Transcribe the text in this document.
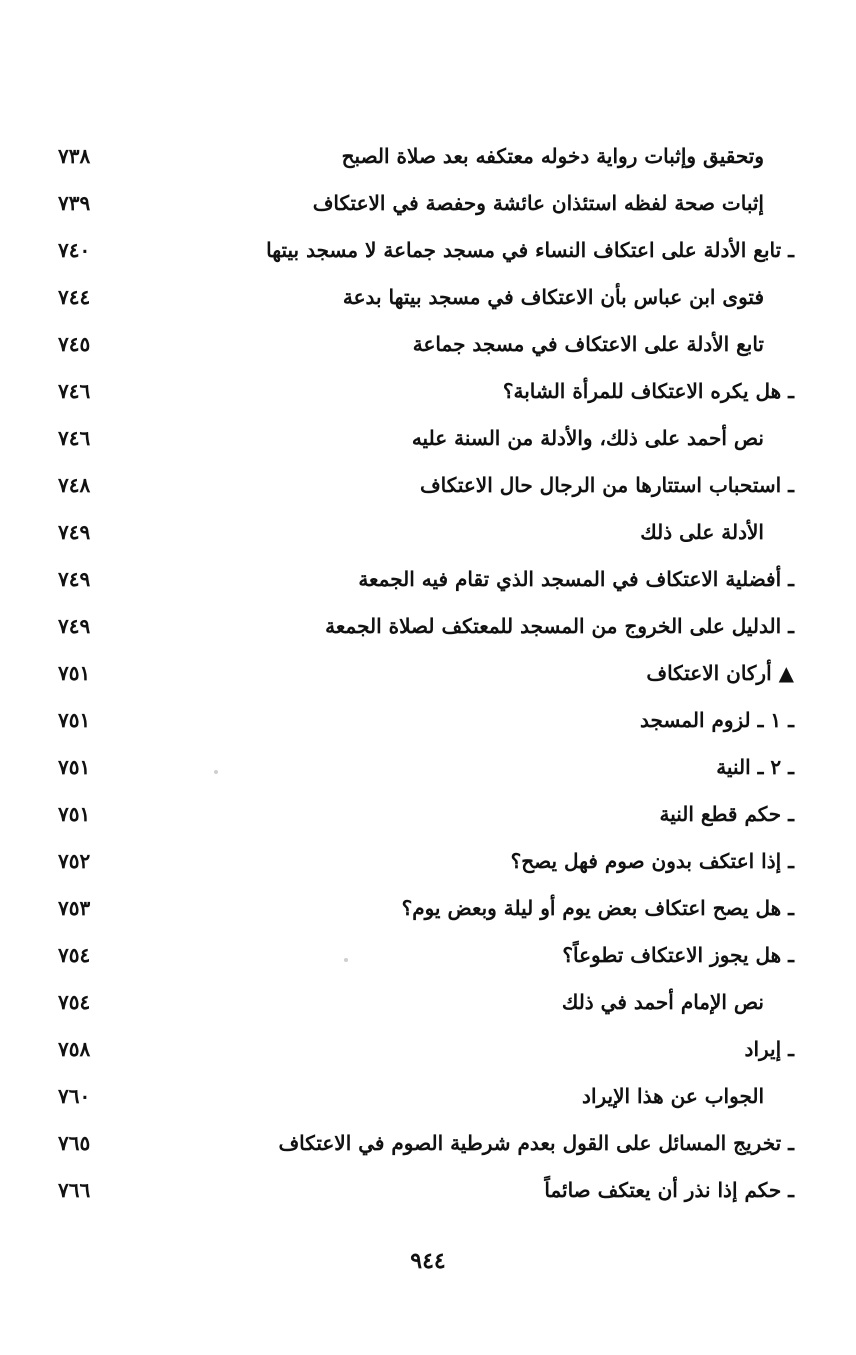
وتحقيق وإثبات رواية دخوله معتكفه بعد صلاة الصبح
٧٣٨
إثبات صحة لفظه استئذان عائشة وحفصة في الاعتكاف
٧٣٩
ـ تابع الأدلة على اعتكاف النساء في مسجد جماعة لا مسجد بيتها
٧٤٠
فتوى ابن عباس بأن الاعتكاف في مسجد بيتها بدعة
٧٤٤
تابع الأدلة على الاعتكاف في مسجد جماعة
٧٤٥
ـ هل يكره الاعتكاف للمرأة الشابة؟
٧٤٦
نص أحمد على ذلك، والأدلة من السنة عليه
٧٤٦
ـ استحباب استتارها من الرجال حال الاعتكاف
٧٤٨
الأدلة على ذلك
٧٤٩
ـ أفضلية الاعتكاف في المسجد الذي تقام فيه الجمعة
٧٤٩
ـ الدليل على الخروج من المسجد للمعتكف لصلاة الجمعة
٧٤٩
▲ أركان الاعتكاف
٧٥١
ـ ١ ـ لزوم المسجد
٧٥١
ـ ٢ ـ النية
٧٥١
ـ حكم قطع النية
٧٥١
ـ إذا اعتكف بدون صوم فهل يصح؟
٧٥٢
ـ هل يصح اعتكاف بعض يوم أو ليلة وبعض يوم؟
٧٥٣
ـ هل يجوز الاعتكاف تطوعاً؟
٧٥٤
نص الإمام أحمد في ذلك
٧٥٤
ـ إيراد
٧٥٨
الجواب عن هذا الإيراد
٧٦٠
ـ تخريج المسائل على القول بعدم شرطية الصوم في الاعتكاف
٧٦٥
ـ حكم إذا نذر أن يعتكف صائماً
٧٦٦
٩٤٤
